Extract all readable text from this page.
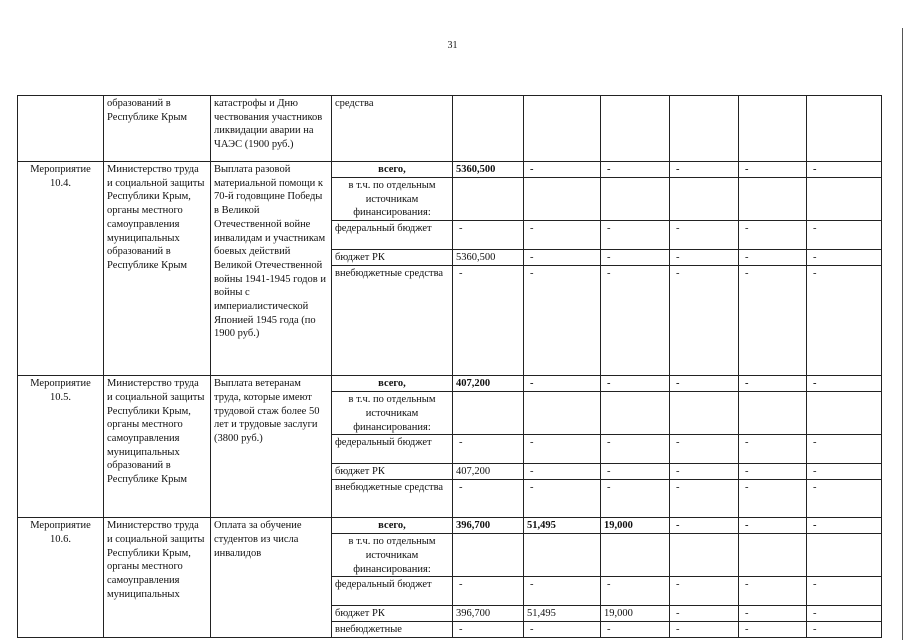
31
	образований в Республике Крым	катастрофы и Дню чествования участников ликвидации аварии на ЧАЭС (1900 руб.)	средства						
Мероприятие 10.4.	Министерство труда и социальной защиты Республики Крым, органы местного самоуправления муниципальных образований в Республике Крым	Выплата разовой материальной помощи к 70-й годовщине Победы в Великой Отечественной войне инвалидам и участникам боевых действий Великой Отечественной войны 1941-1945 годов и войны с империалистической Японией 1945 года (по 1900 руб.)	всего,	5360,500	-	-	-	-	-
			в т.ч. по отдельным источникам финансирования:						
			федеральный бюджет	-	-	-	-	-	-
			бюджет РК	5360,500	-	-	-	-	-
			внебюджетные средства	-	-	-	-	-	-
Мероприятие 10.5.	Министерство труда и социальной защиты Республики Крым, органы местного самоуправления муниципальных образований в Республике Крым	Выплата ветеранам труда, которые имеют трудовой стаж более 50 лет и трудовые заслуги (3800 руб.)	всего,	407,200	-	-	-	-	-
			в т.ч. по отдельным источникам финансирования:						
			федеральный бюджет	-	-	-	-	-	-
			бюджет РК	407,200	-	-	-	-	-
			внебюджетные средства	-	-	-	-	-	-
Мероприятие 10.6.	Министерство труда и социальной защиты Республики Крым, органы местного самоуправления муниципальных	Оплата за обучение студентов из числа инвалидов	всего,	396,700	51,495	19,000	-	-	-
			в т.ч. по отдельным источникам финансирования:						
			федеральный бюджет	-	-	-	-	-	-
			бюджет РК	396,700	51,495	19,000	-	-	-
			внебюджетные	-	-	-	-	-	-
